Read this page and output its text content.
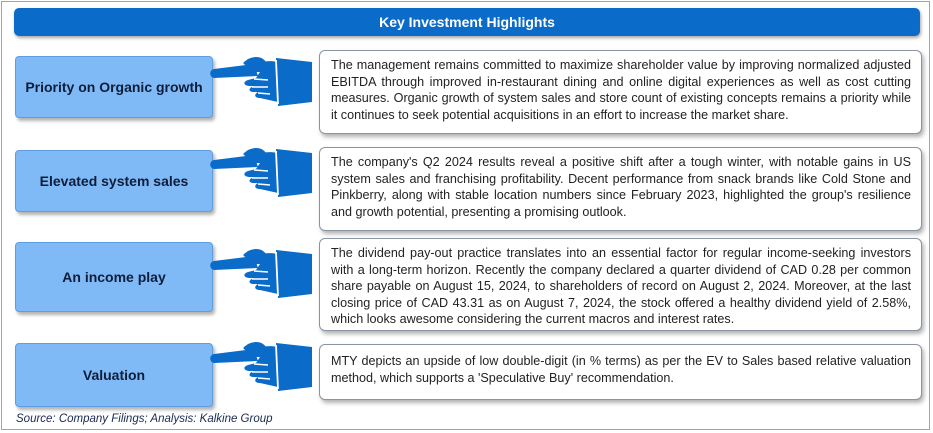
Key Investment Highlights
Priority on Organic growth
The management remains committed to maximize shareholder value by improving normalized adjusted EBITDA through improved in-restaurant dining and online digital experiences as well as cost cutting measures. Organic growth of system sales and store count of existing concepts remains a priority while it continues to seek potential acquisitions in an effort to increase the market share.
Elevated system sales
The company's Q2 2024 results reveal a positive shift after a tough winter, with notable gains in US system sales and franchising profitability. Decent performance from snack brands like Cold Stone and Pinkberry, along with stable location numbers since February 2023, highlighted the group's resilience and growth potential, presenting a promising outlook.
An income play
The dividend pay-out practice translates into an essential factor for regular income-seeking investors with a long-term horizon. Recently the company declared a quarter dividend of CAD 0.28 per common share payable on August 15, 2024, to shareholders of record on August 2, 2024. Moreover, at the last closing price of CAD 43.31 as on August 7, 2024, the stock offered a healthy dividend yield of 2.58%, which looks awesome considering the current macros and interest rates.
Valuation
MTY depicts an upside of low double-digit (in % terms) as per the EV to Sales based relative valuation method, which supports a 'Speculative Buy' recommendation.
Source: Company Filings; Analysis: Kalkine Group
